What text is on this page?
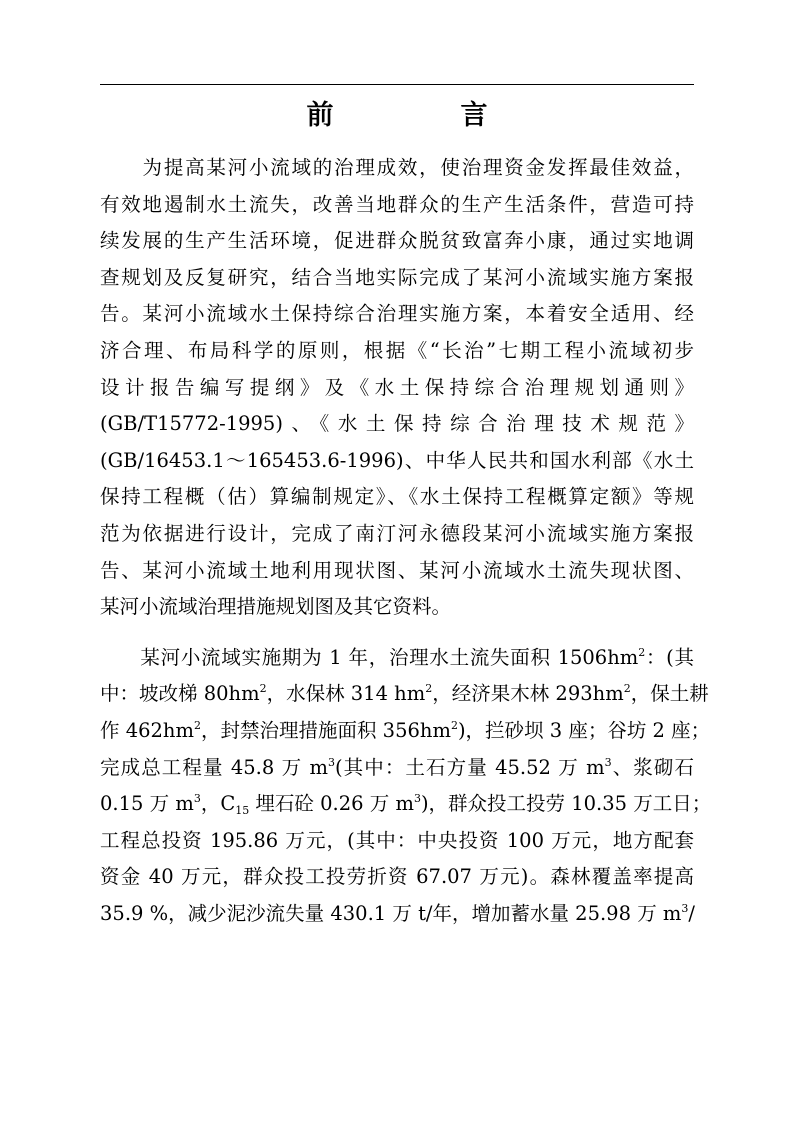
前　言
　　为提高某河小流域的治理成效，使治理资金发挥最佳效益，
有效地遏制水土流失，改善当地群众的生产生活条件，营造可持
续发展的生产生活环境，促进群众脱贫致富奔小康，通过实地调
查规划及反复研究，结合当地实际完成了某河小流域实施方案报
告。某河小流域水土保持综合治理实施方案，本着安全适用、经
济合理、布局科学的原则，根据《“长治”七期工程小流域初步
设计报告编写提纲》及《水土保持综合治理规划通则》
(GB/T15772-1995)、《水土保持综合治理技术规范》
(GB/16453.1～165453.6-1996)、中华人民共和国水利部《水土
保持工程概（估）算编制规定》、《水土保持工程概算定额》等规
范为依据进行设计，完成了南汀河永德段某河小流域实施方案报
告、某河小流域土地利用现状图、某河小流域水土流失现状图、
某河小流域治理措施规划图及其它资料。
　　某河小流域实施期为 1 年，治理水土流失面积 $1506hm^2$：(其
中：坡改梯 $80hm^2$，水保林 314 $hm^2$，经济果木林 $293hm^2$，保土耕
作 $462hm^2$，封禁治理措施面积 $356hm^2$)，拦砂坝 3 座；谷坊 2 座；
完成总工程量 45.8 万 $m^3$(其中：土石方量 45.52 万 $m^3$、浆砌石
0.15 万 $m^3$，$C_{15}$ 埋石砼 0.26 万 $m^3$)，群众投工投劳 10.35 万工日；
工程总投资 195.86 万元，(其中：中央投资 100 万元，地方配套
资金 40 万元，群众投工投劳折资 67.07 万元)。森林覆盖率提高
35.9 %，减少泥沙流失量 430.1 万 t/年，增加蓄水量 25.98 万 $m^3/$
